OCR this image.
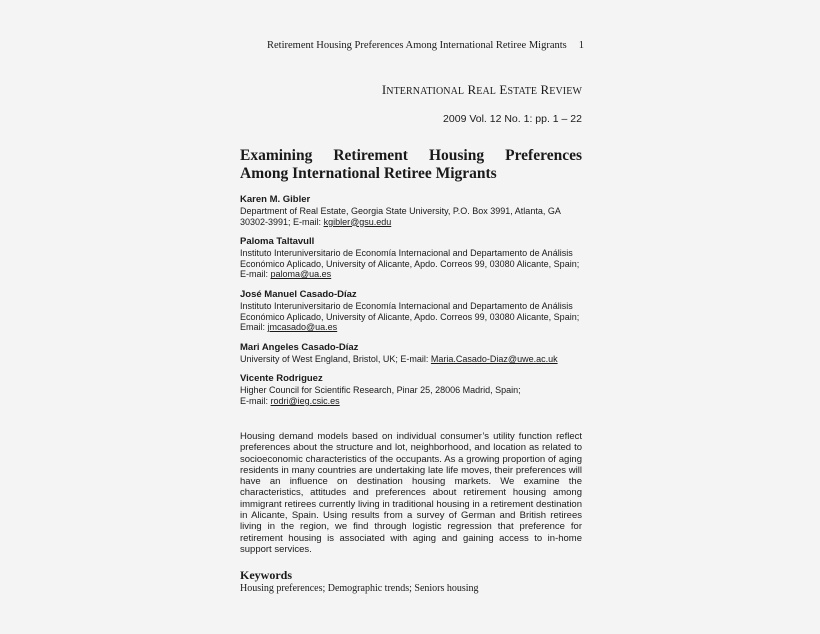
Retirement Housing Preferences Among International Retiree Migrants 1
INTERNATIONAL REAL ESTATE REVIEW
2009 Vol. 12 No. 1: pp. 1 – 22
Examining Retirement Housing Preferences
Among International Retiree Migrants
Karen M. Gibler
Department of Real Estate, Georgia State University, P.O. Box 3991, Atlanta, GA
30302-3991; E-mail: kgibler@gsu.edu
Paloma Taltavull
Instituto Interuniversitario de Economía Internacional and Departamento de Análisis
Económico Aplicado, University of Alicante, Apdo. Correos 99, 03080 Alicante, Spain;
E-mail: paloma@ua.es
José Manuel Casado-Díaz
Instituto Interuniversitario de Economía Internacional and Departamento de Análisis
Económico Aplicado, University of Alicante, Apdo. Correos 99, 03080 Alicante, Spain;
Email: jmcasado@ua.es
Mari Angeles Casado-Díaz
University of West England, Bristol, UK; E-mail: Maria.Casado-Diaz@uwe.ac.uk
Vicente Rodriguez
Higher Council for Scientific Research, Pinar 25, 28006 Madrid, Spain;
E-mail: rodri@ieg.csic.es
Housing demand models based on individual consumer’s utility function reflect preferences about the structure and lot, neighborhood, and location as related to socioeconomic characteristics of the occupants. As a growing proportion of aging residents in many countries are undertaking late life moves, their preferences will have an influence on destination housing markets. We examine the characteristics, attitudes and preferences about retirement housing among immigrant retirees currently living in traditional housing in a retirement destination in Alicante, Spain. Using results from a survey of German and British retirees living in the region, we find through logistic regression that preference for retirement housing is associated with aging and gaining access to in-home support services.
Keywords
Housing preferences; Demographic trends; Seniors housing
